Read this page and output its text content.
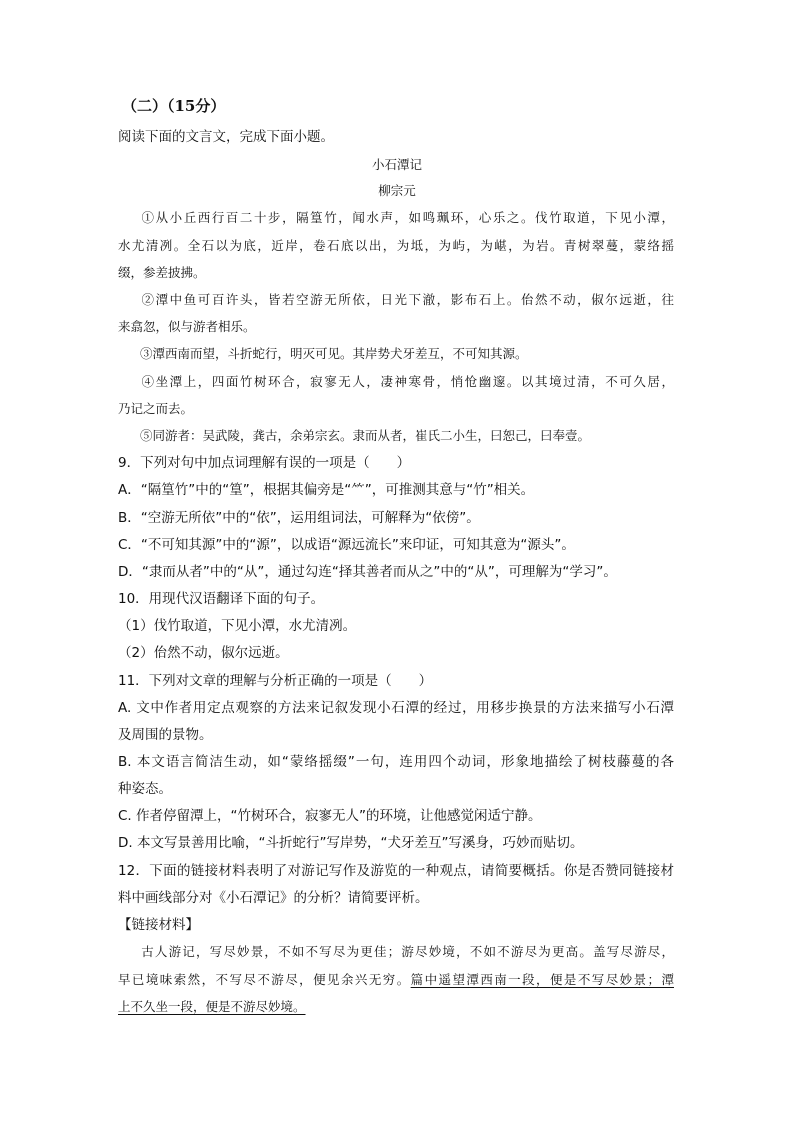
（二）（15分）
阅读下面的文言文，完成下面小题。
小石潭记
柳宗元
①从小丘西行百二十步，隔篁竹，闻水声，如鸣珮环，心乐之。伐竹取道，下见小潭，
水尤清冽。全石以为底，近岸，卷石底以出，为坻，为屿，为嵁，为岩。青树翠蔓，蒙络摇
缀，参差披拂。
②潭中鱼可百许头，皆若空游无所依，日光下澈，影布石上。佁然不动，俶尔远逝，往
来翕忽，似与游者相乐。
③潭西南而望，斗折蛇行，明灭可见。其岸势犬牙差互，不可知其源。
④坐潭上，四面竹树环合，寂寥无人，凄神寒骨，悄怆幽邃。以其境过清，不可久居，
乃记之而去。
⑤同游者：吴武陵，龚古，余弟宗玄。隶而从者，崔氏二小生，曰恕己，曰奉壹。
9．下列对句中加点词理解有误的一项是（　　）
A．“隔篁竹”中的“篁”，根据其偏旁是“⺮”，可推测其意与“竹”相关。
B．“空游无所依”中的“依”，运用组词法，可解释为“依傍”。
C．“不可知其源”中的“源”，以成语“源远流长”来印证，可知其意为“源头”。
D．“隶而从者”中的“从”，通过勾连“择其善者而从之”中的“从”，可理解为“学习”。
10．用现代汉语翻译下面的句子。
（1）伐竹取道，下见小潭，水尤清冽。
（2）佁然不动，俶尔远逝。
11．下列对文章的理解与分析正确的一项是（　　）
A. 文中作者用定点观察的方法来记叙发现小石潭的经过，用移步换景的方法来描写小石潭
及周围的景物。
B. 本文语言简洁生动，如“蒙络摇缀”一句，连用四个动词，形象地描绘了树枝藤蔓的各
种姿态。
C. 作者停留潭上，“竹树环合，寂寥无人”的环境，让他感觉闲适宁静。
D. 本文写景善用比喻，“斗折蛇行”写岸势，“犬牙差互”写溪身，巧妙而贴切。
12．下面的链接材料表明了对游记写作及游览的一种观点，请简要概括。你是否赞同链接材
料中画线部分对《小石潭记》的分析？请简要评析。
【链接材料】
古人游记，写尽妙景，不如不写尽为更佳；游尽妙境，不如不游尽为更高。盖写尽游尽，
早已境味索然，不写尽不游尽，便见余兴无穷。篇中遥望潭西南一段，便是不写尽妙景；潭
上不久坐一段，便是不游尽妙境。
